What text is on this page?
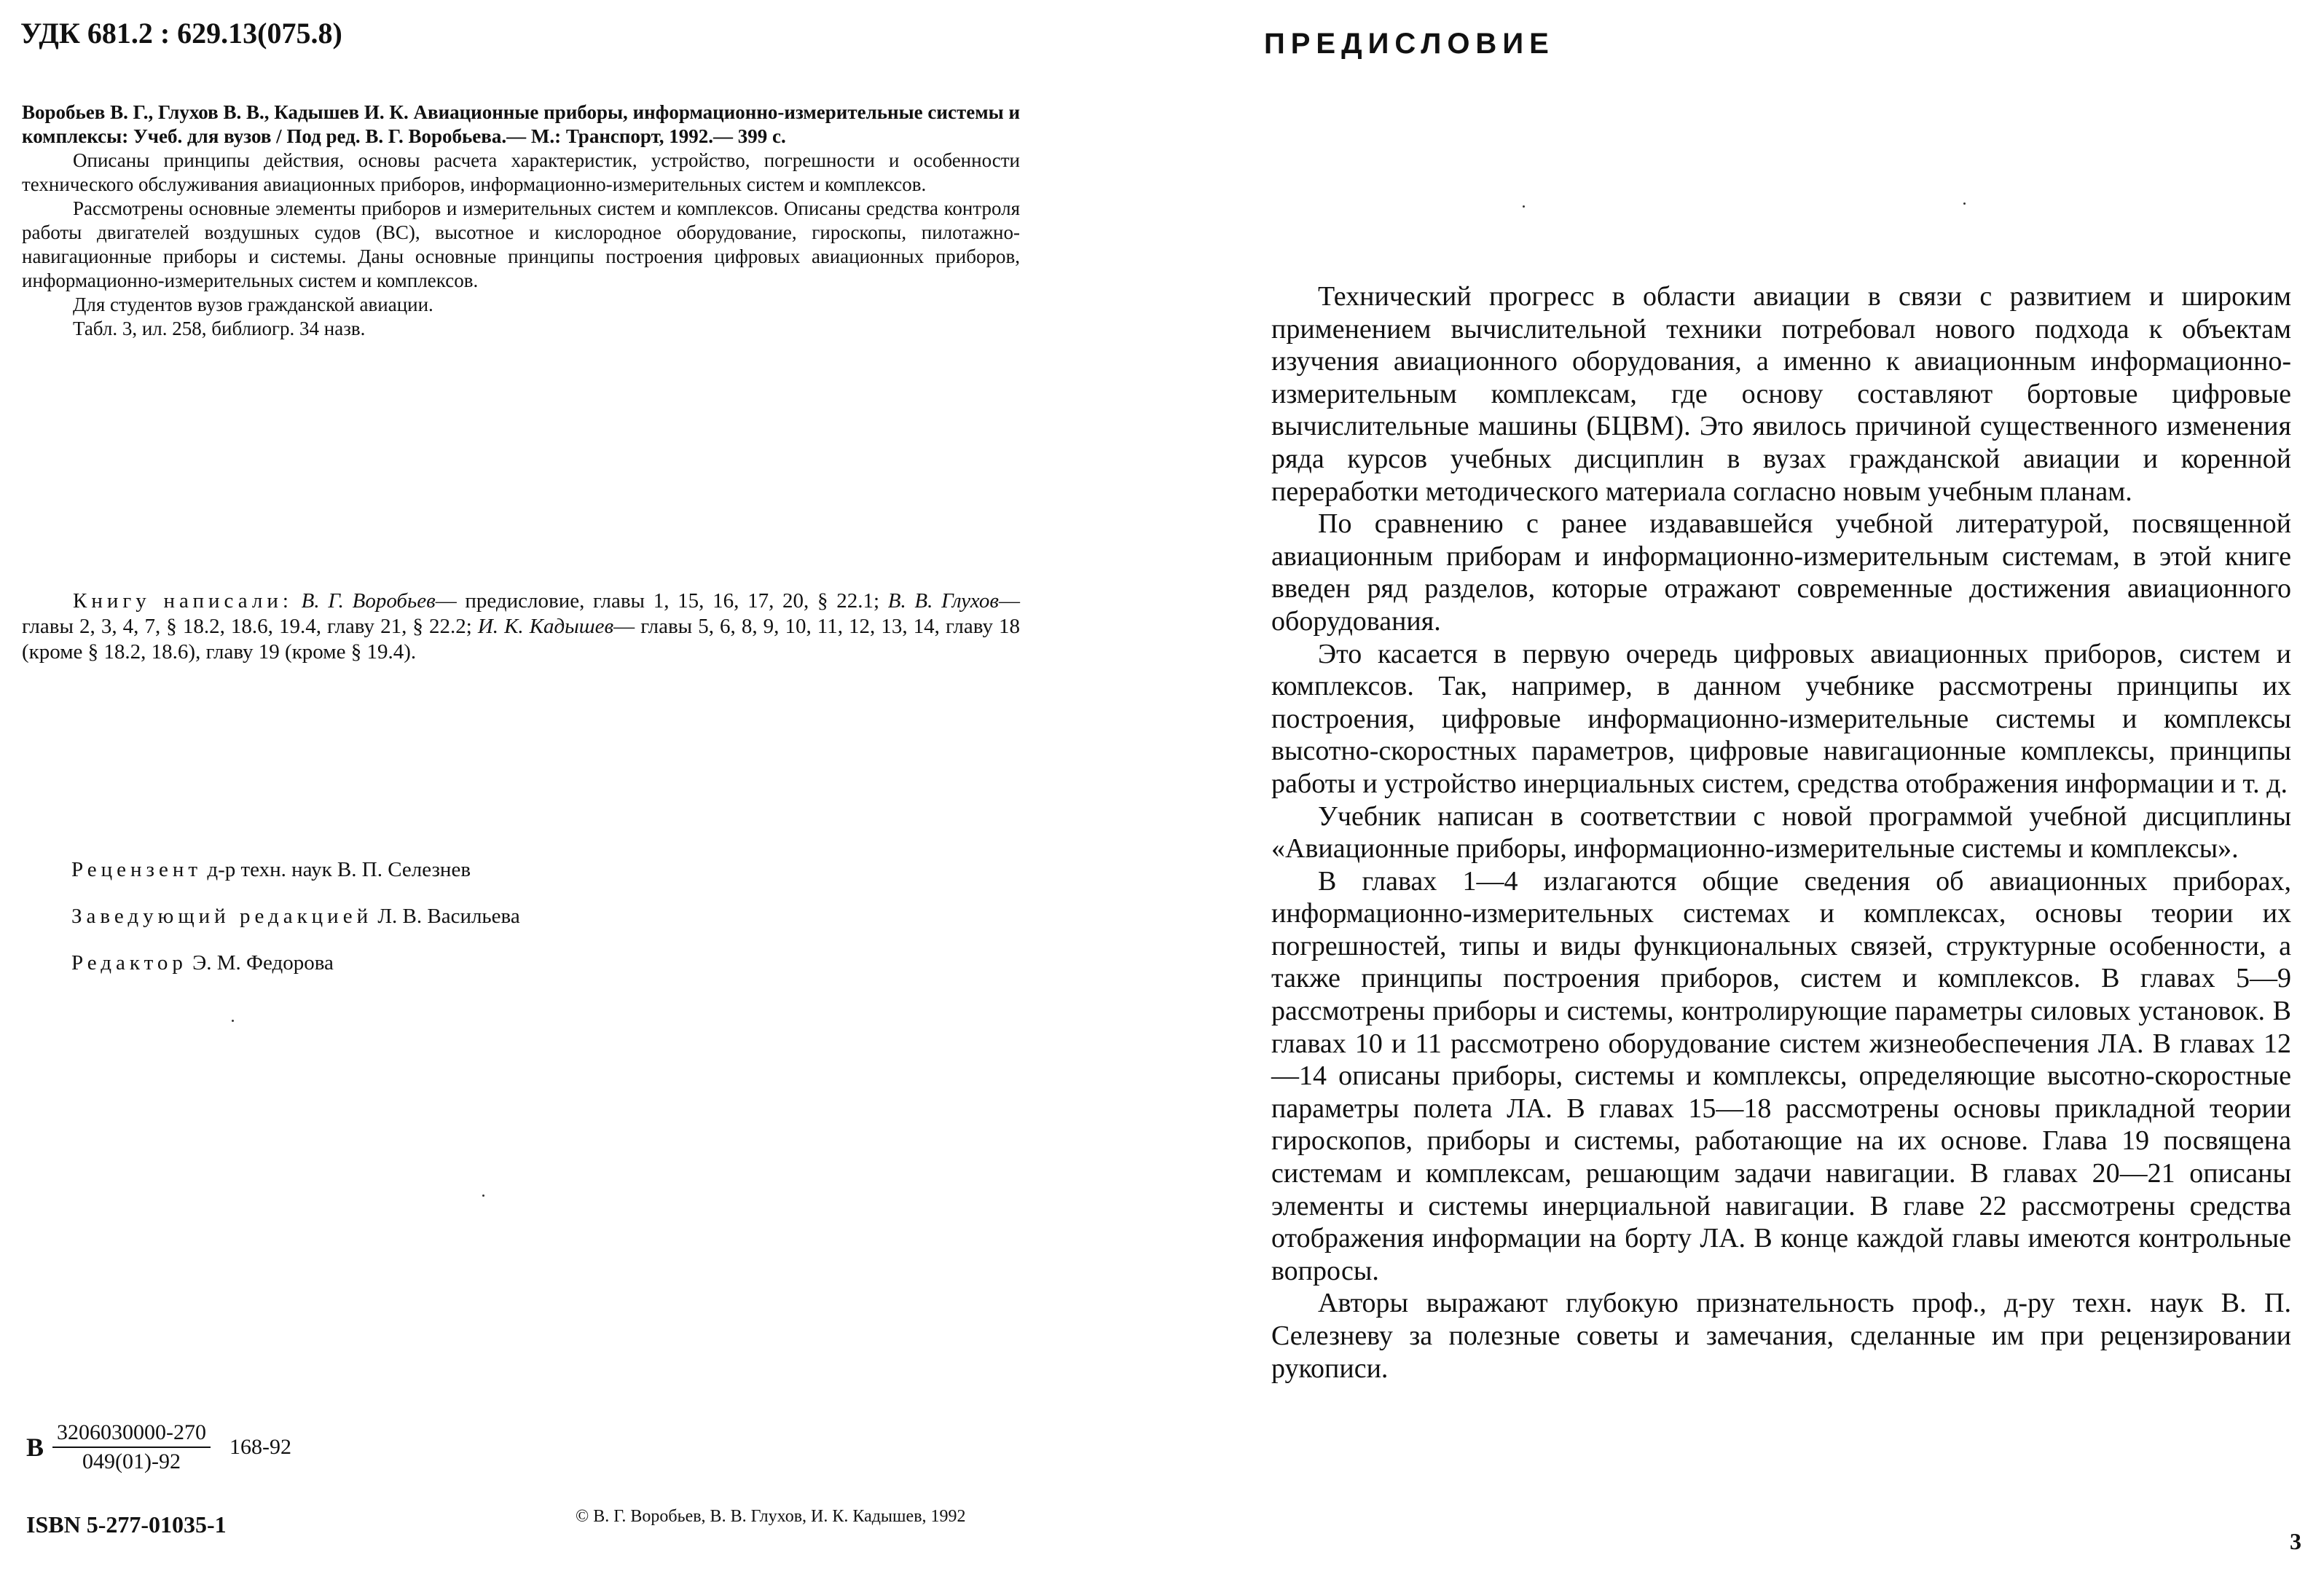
УДК 681.2 : 629.13(075.8)

Воробьев В. Г., Глухов В. В., Кадышев И. К. Авиационные приборы, информационно-измерительные системы и комплексы: Учеб. для вузов / Под ред. В. Г. Воробьева.— М.: Транспорт, 1992.— 399 с.

Описаны принципы действия, основы расчета характеристик, устройство, погрешности и особенности технического обслуживания авиационных приборов, информационно-измерительных систем и комплексов.

Рассмотрены основные элементы приборов и измерительных систем и комплексов. Описаны средства контроля работы двигателей воздушных судов (ВС), высотное и кислородное оборудование, гироскопы, пилотажно-навигационные приборы и системы. Даны основные принципы построения цифровых авиационных приборов, информационно-измерительных систем и комплексов.

Для студентов вузов гражданской авиации.

Табл. 3, ил. 258, библиогр. 34 назв.

Книгу написали: В. Г. Воробьев— предисловие, главы 1, 15, 16, 17, 20, § 22.1; В. В. Глухов— главы 2, 3, 4, 7, § 18.2, 18.6, 19.4, главу 21, § 22.2; И. К. Кадышев— главы 5, 6, 8, 9, 10, 11, 12, 13, 14, главу 18 (кроме § 18.2, 18.6), главу 19 (кроме § 19.4).

Рецензент д-р техн. наук В. П. Селезнев
Заведующий редакцией Л. В. Васильева
Редактор Э. М. Федорова
В $\frac{3206030000-270}{049(01)-92} 168-92$
ISBN 5-277-01035-1	© В. Г. Воробьев, В. В. Глухов, И. К. Кадышев, 1992
ПРЕДИСЛОВИЕ

Технический прогресс в области авиации в связи с развитием и широким применением вычислительной техники потребовал нового подхода к объектам изучения авиационного оборудования, а именно к авиационным информационно-измерительным комплексам, где основу составляют бортовые цифровые вычислительные машины (БЦВМ). Это явилось причиной существенного изменения ряда курсов учебных дисциплин в вузах гражданской авиации и коренной переработки методического материала согласно новым учебным планам.

По сравнению с ранее издававшейся учебной литературой, посвященной авиационным приборам и информационно-измерительным системам, в этой книге введен ряд разделов, которые отражают современные достижения авиационного оборудования.

Это касается в первую очередь цифровых авиационных приборов, систем и комплексов. Так, например, в данном учебнике рассмотрены принципы их построения, цифровые информационно-измерительные системы и комплексы высотно-скоростных параметров, цифровые навигационные комплексы, принципы работы и устройство инерциальных систем, средства отображения информации и т. д.

Учебник написан в соответствии с новой программой учебной дисциплины «Авиационные приборы, информационно-измерительные системы и комплексы».

В главах 1—4 излагаются общие сведения об авиационных приборах, информационно-измерительных системах и комплексах, основы теории их погрешностей, типы и виды функциональных связей, структурные особенности, а также принципы построения приборов, систем и комплексов. В главах 5—9 рассмотрены приборы и системы, контролирующие параметры силовых установок. В главах 10 и 11 рассмотрено оборудование систем жизнеобеспечения ЛА. В главах 12—14 описаны приборы, системы и комплексы, определяющие высотно-скоростные параметры полета ЛА. В главах 15—18 рассмотрены основы прикладной теории гироскопов, приборы и системы, работающие на их основе. Глава 19 посвящена системам и комплексам, решающим задачи навигации. В главах 20—21 описаны элементы и системы инерциальной навигации. В главе 22 рассмотрены средства отображения информации на борту ЛА. В конце каждой главы имеются контрольные вопросы.

Авторы выражают глубокую признательность проф., д-ру техн. наук В. П. Селезневу за полезные советы и замечания, сделанные им при рецензировании рукописи.

3
